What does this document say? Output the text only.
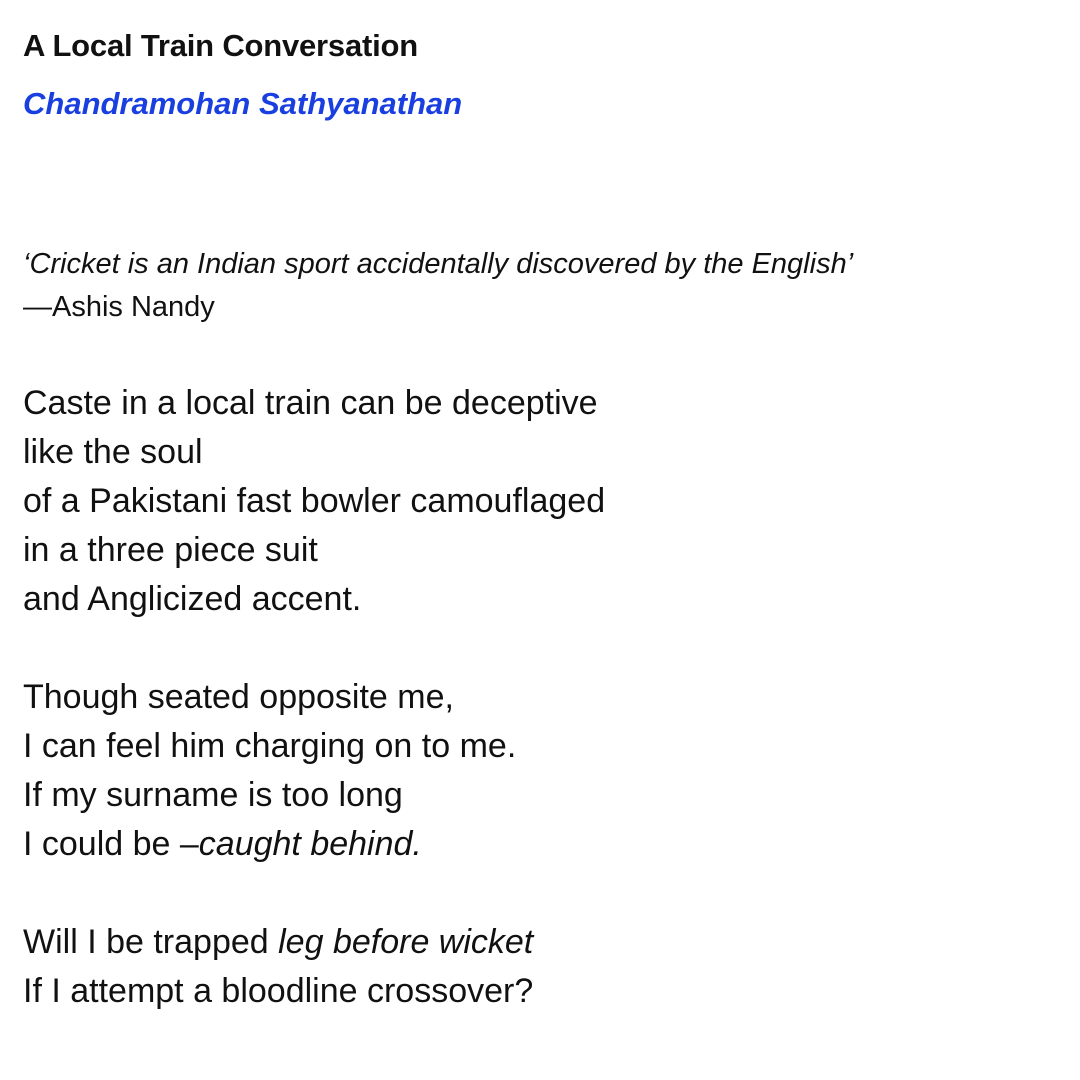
A Local Train Conversation
Chandramohan Sathyanathan
‘Cricket is an Indian sport accidentally discovered by the English’
—Ashis Nandy
Caste in a local train can be deceptive
like the soul
of a Pakistani fast bowler camouflaged
in a three piece suit
and Anglicized accent.
Though seated opposite me,
I can feel him charging on to me.
If my surname is too long
I could be –caught behind.
Will I be trapped leg before wicket
If I attempt a bloodline crossover?
